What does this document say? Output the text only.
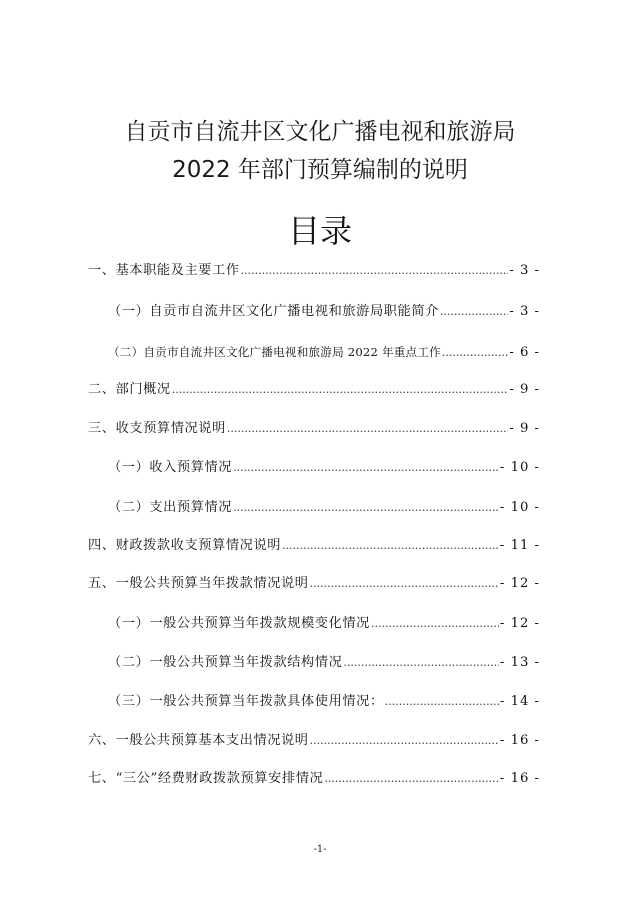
自贡市自流井区文化广播电视和旅游局
2022 年部门预算编制的说明
目录
一、基本职能及主要工作 .....	- 3 -
（一）自贡市自流井区文化广播电视和旅游局职能简介 .....	- 3 -
（二）自贡市自流井区文化广播电视和旅游局 2022 年重点工作 .....	- 6 -
二、部门概况 .....	- 9 -
三、收支预算情况说明 .....	- 9 -
（一）收入预算情况 .....	- 10 -
（二）支出预算情况 .....	- 10 -
四、财政拨款收支预算情况说明 .....	- 11 -
五、一般公共预算当年拨款情况说明 .....	- 12 -
（一）一般公共预算当年拨款规模变化情况 .....	- 12 -
（二）一般公共预算当年拨款结构情况 .....	- 13 -
（三）一般公共预算当年拨款具体使用情况： .....	- 14 -
六、一般公共预算基本支出情况说明 .....	- 16 -
七、“三公”经费财政拨款预算安排情况 .....	- 16 -
-1-
